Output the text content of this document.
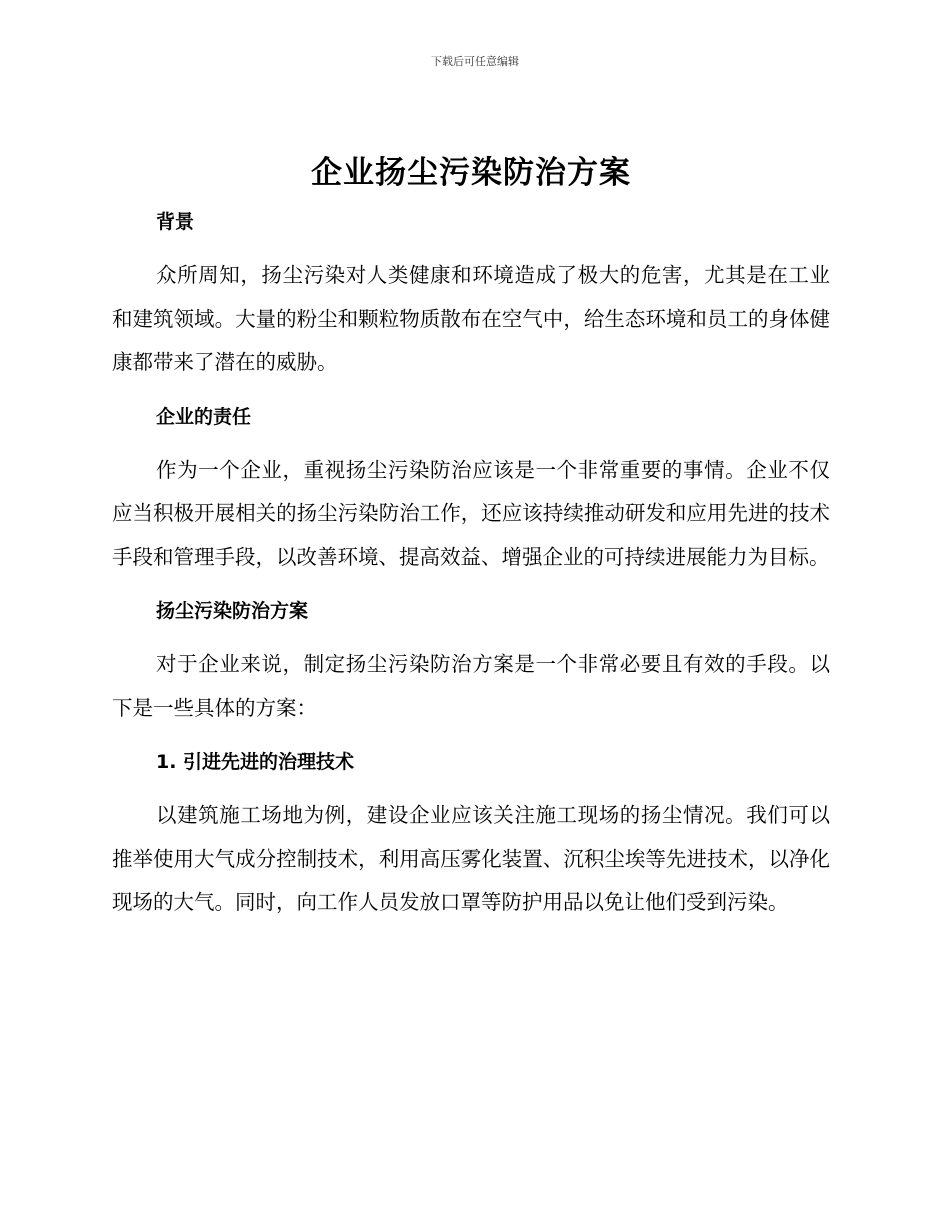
下载后可任意编辑
企业扬尘污染防治方案
背景

众所周知，扬尘污染对人类健康和环境造成了极大的危害，尤其是在工业和建筑领域。大量的粉尘和颗粒物质散布在空气中，给生态环境和员工的身体健康都带来了潜在的威胁。

企业的责任

作为一个企业，重视扬尘污染防治应该是一个非常重要的事情。企业不仅应当积极开展相关的扬尘污染防治工作，还应该持续推动研发和应用先进的技术手段和管理手段，以改善环境、提高效益、增强企业的可持续进展能力为目标。

扬尘污染防治方案

对于企业来说，制定扬尘污染防治方案是一个非常必要且有效的手段。以下是一些具体的方案：

1. 引进先进的治理技术

以建筑施工场地为例，建设企业应该关注施工现场的扬尘情况。我们可以推举使用大气成分控制技术，利用高压雾化装置、沉积尘埃等先进技术，以净化现场的大气。同时，向工作人员发放口罩等防护用品以免让他们受到污染。
